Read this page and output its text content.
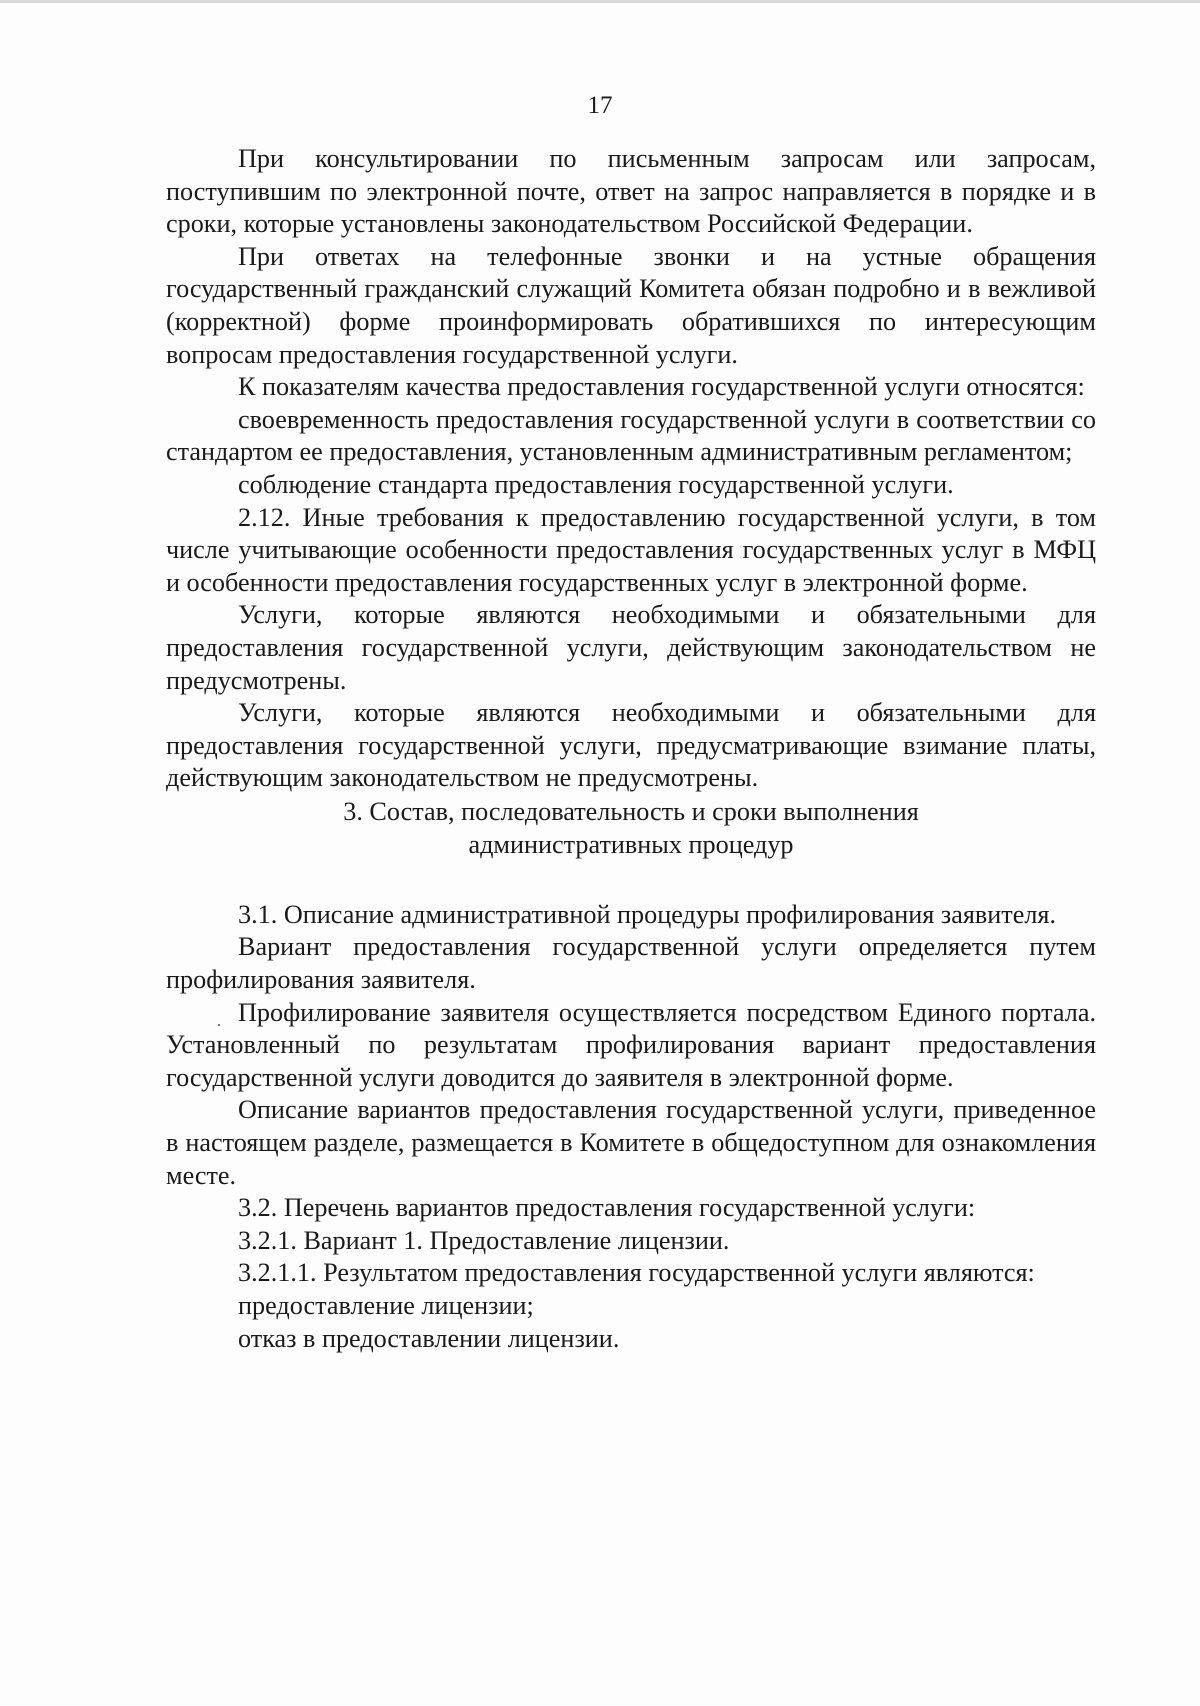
17

При консультировании по письменным запросам или запросам, поступившим по электронной почте, ответ на запрос направляется в порядке и в сроки, которые установлены законодательством Российской Федерации.

При ответах на телефонные звонки и на устные обращения государственный гражданский служащий Комитета обязан подробно и в вежливой (корректной) форме проинформировать обратившихся по интересующим вопросам предоставления государственной услуги.

К показателям качества предоставления государственной услуги относятся:

своевременность предоставления государственной услуги в соответствии со стандартом ее предоставления, установленным административным регламентом;

соблюдение стандарта предоставления государственной услуги.

2.12. Иные требования к предоставлению государственной услуги, в том числе учитывающие особенности предоставления государственных услуг в МФЦ и особенности предоставления государственных услуг в электронной форме.

Услуги, которые являются необходимыми и обязательными для предоставления государственной услуги, действующим законодательством не предусмотрены.

Услуги, которые являются необходимыми и обязательными для предоставления государственной услуги, предусматривающие взимание платы, действующим законодательством не предусмотрены.

3. Состав, последовательность и сроки выполнения
административных процедур

3.1. Описание административной процедуры профилирования заявителя.

Вариант предоставления государственной услуги определяется путем профилирования заявителя.

Профилирование заявителя осуществляется посредством Единого портала. Установленный по результатам профилирования вариант предоставления государственной услуги доводится до заявителя в электронной форме.

Описание вариантов предоставления государственной услуги, приведенное в настоящем разделе, размещается в Комитете в общедоступном для ознакомления месте.

3.2. Перечень вариантов предоставления государственной услуги:

3.2.1. Вариант 1. Предоставление лицензии.

3.2.1.1. Результатом предоставления государственной услуги являются:

предоставление лицензии;

отказ в предоставлении лицензии.
